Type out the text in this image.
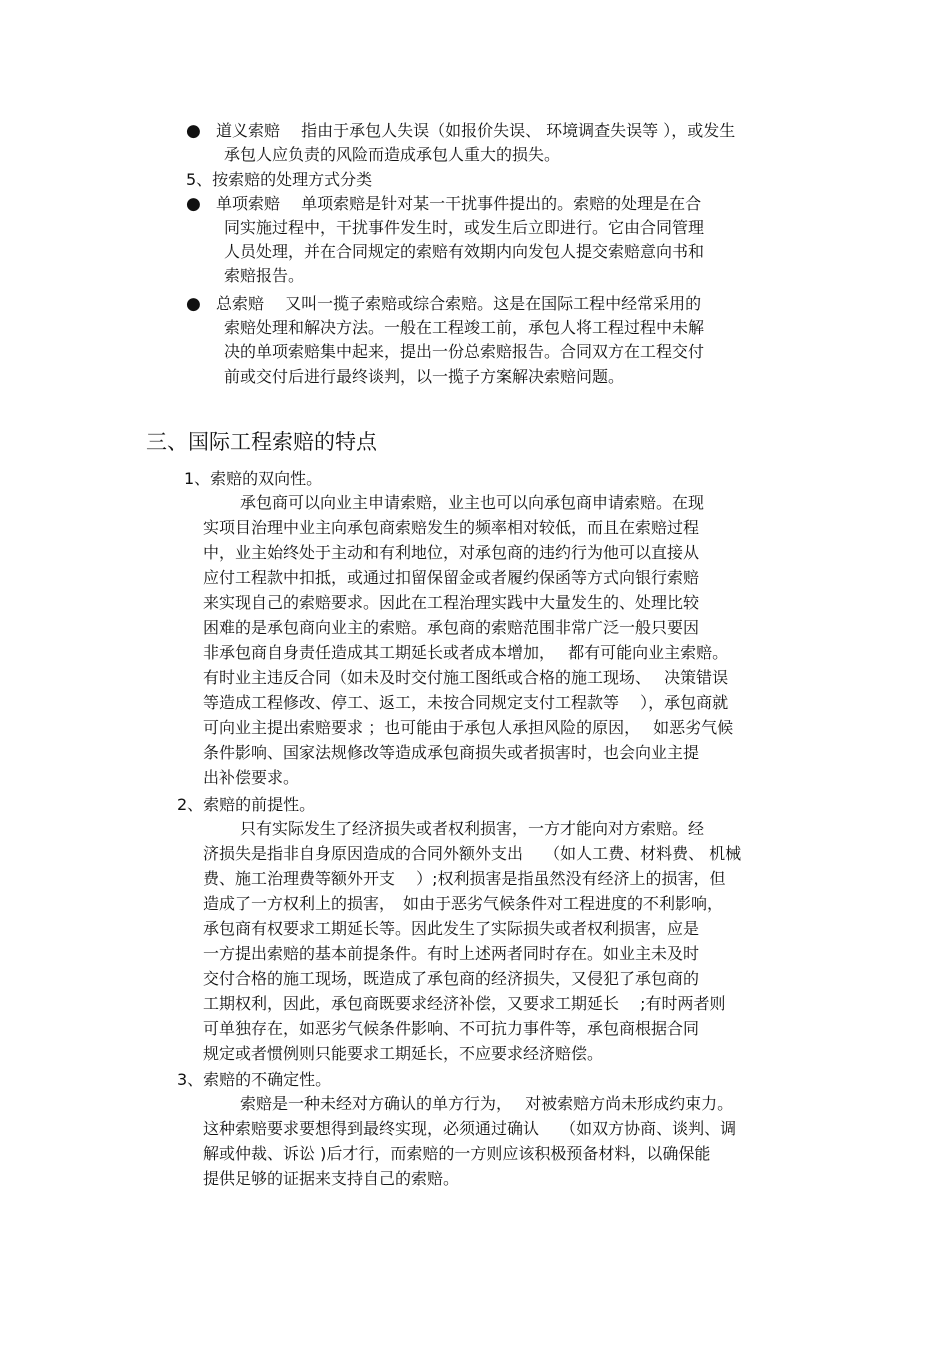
● 道义索赔　 指由于承包人失误（如报价失误、 环境调查失误等 ），或发生
承包人应负责的风险而造成承包人重大的损失。
5、按索赔的处理方式分类
● 单项索赔　 单项索赔是针对某一干扰事件提出的。索赔的处理是在合
同实施过程中，干扰事件发生时，或发生后立即进行。它由合同管理
人员处理，并在合同规定的索赔有效期内向发包人提交索赔意向书和
索赔报告。
● 总索赔　 又叫一揽子索赔或综合索赔。这是在国际工程中经常采用的
索赔处理和解决方法。一般在工程竣工前，承包人将工程过程中未解
决的单项索赔集中起来，提出一份总索赔报告。合同双方在工程交付
前或交付后进行最终谈判，以一揽子方案解决索赔问题。
三、国际工程索赔的特点
1、索赔的双向性。
承包商可以向业主申请索赔，业主也可以向承包商申请索赔。在现
实项目治理中业主向承包商索赔发生的频率相对较低，而且在索赔过程
中，业主始终处于主动和有利地位，对承包商的违约行为他可以直接从
应付工程款中扣抵，或通过扣留保留金或者履约保函等方式向银行索赔
来实现自己的索赔要求。因此在工程治理实践中大量发生的、处理比较
困难的是承包商向业主的索赔。承包商的索赔范围非常广泛一般只要因
非承包商自身责任造成其工期延长或者成本增加，　 都有可能向业主索赔。
有时业主违反合同（如未及时交付施工图纸或合格的施工现场、　 决策错误
等造成工程修改、停工、返工，未按合同规定支付工程款等　 ），承包商就
可向业主提出索赔要求 ；也可能由于承包人承担风险的原因，　 如恶劣气候
条件影响、国家法规修改等造成承包商损失或者损害时，也会向业主提
出补偿要求。
2、索赔的前提性。
只有实际发生了经济损失或者权利损害，一方才能向对方索赔。经
济损失是指非自身原因造成的合同外额外支出　 （如人工费、材料费、 机械
费、施工治理费等额外开支　 ）;权利损害是指虽然没有经济上的损害，但
造成了一方权利上的损害，　如由于恶劣气候条件对工程进度的不利影响，
承包商有权要求工期延长等。因此发生了实际损失或者权利损害，应是
一方提出索赔的基本前提条件。有时上述两者同时存在。如业主未及时
交付合格的施工现场，既造成了承包商的经济损失，又侵犯了承包商的
工期权利，因此，承包商既要求经济补偿，又要求工期延长　 ;有时两者则
可单独存在，如恶劣气候条件影响、不可抗力事件等，承包商根据合同
规定或者惯例则只能要求工期延长，不应要求经济赔偿。
3、索赔的不确定性。
索赔是一种未经对方确认的单方行为，　 对被索赔方尚未形成约束力。
这种索赔要求要想得到最终实现，必须通过确认　 （如双方协商、谈判、调
解或仲裁、诉讼 )后才行，而索赔的一方则应该积极预备材料，以确保能
提供足够的证据来支持自己的索赔。
